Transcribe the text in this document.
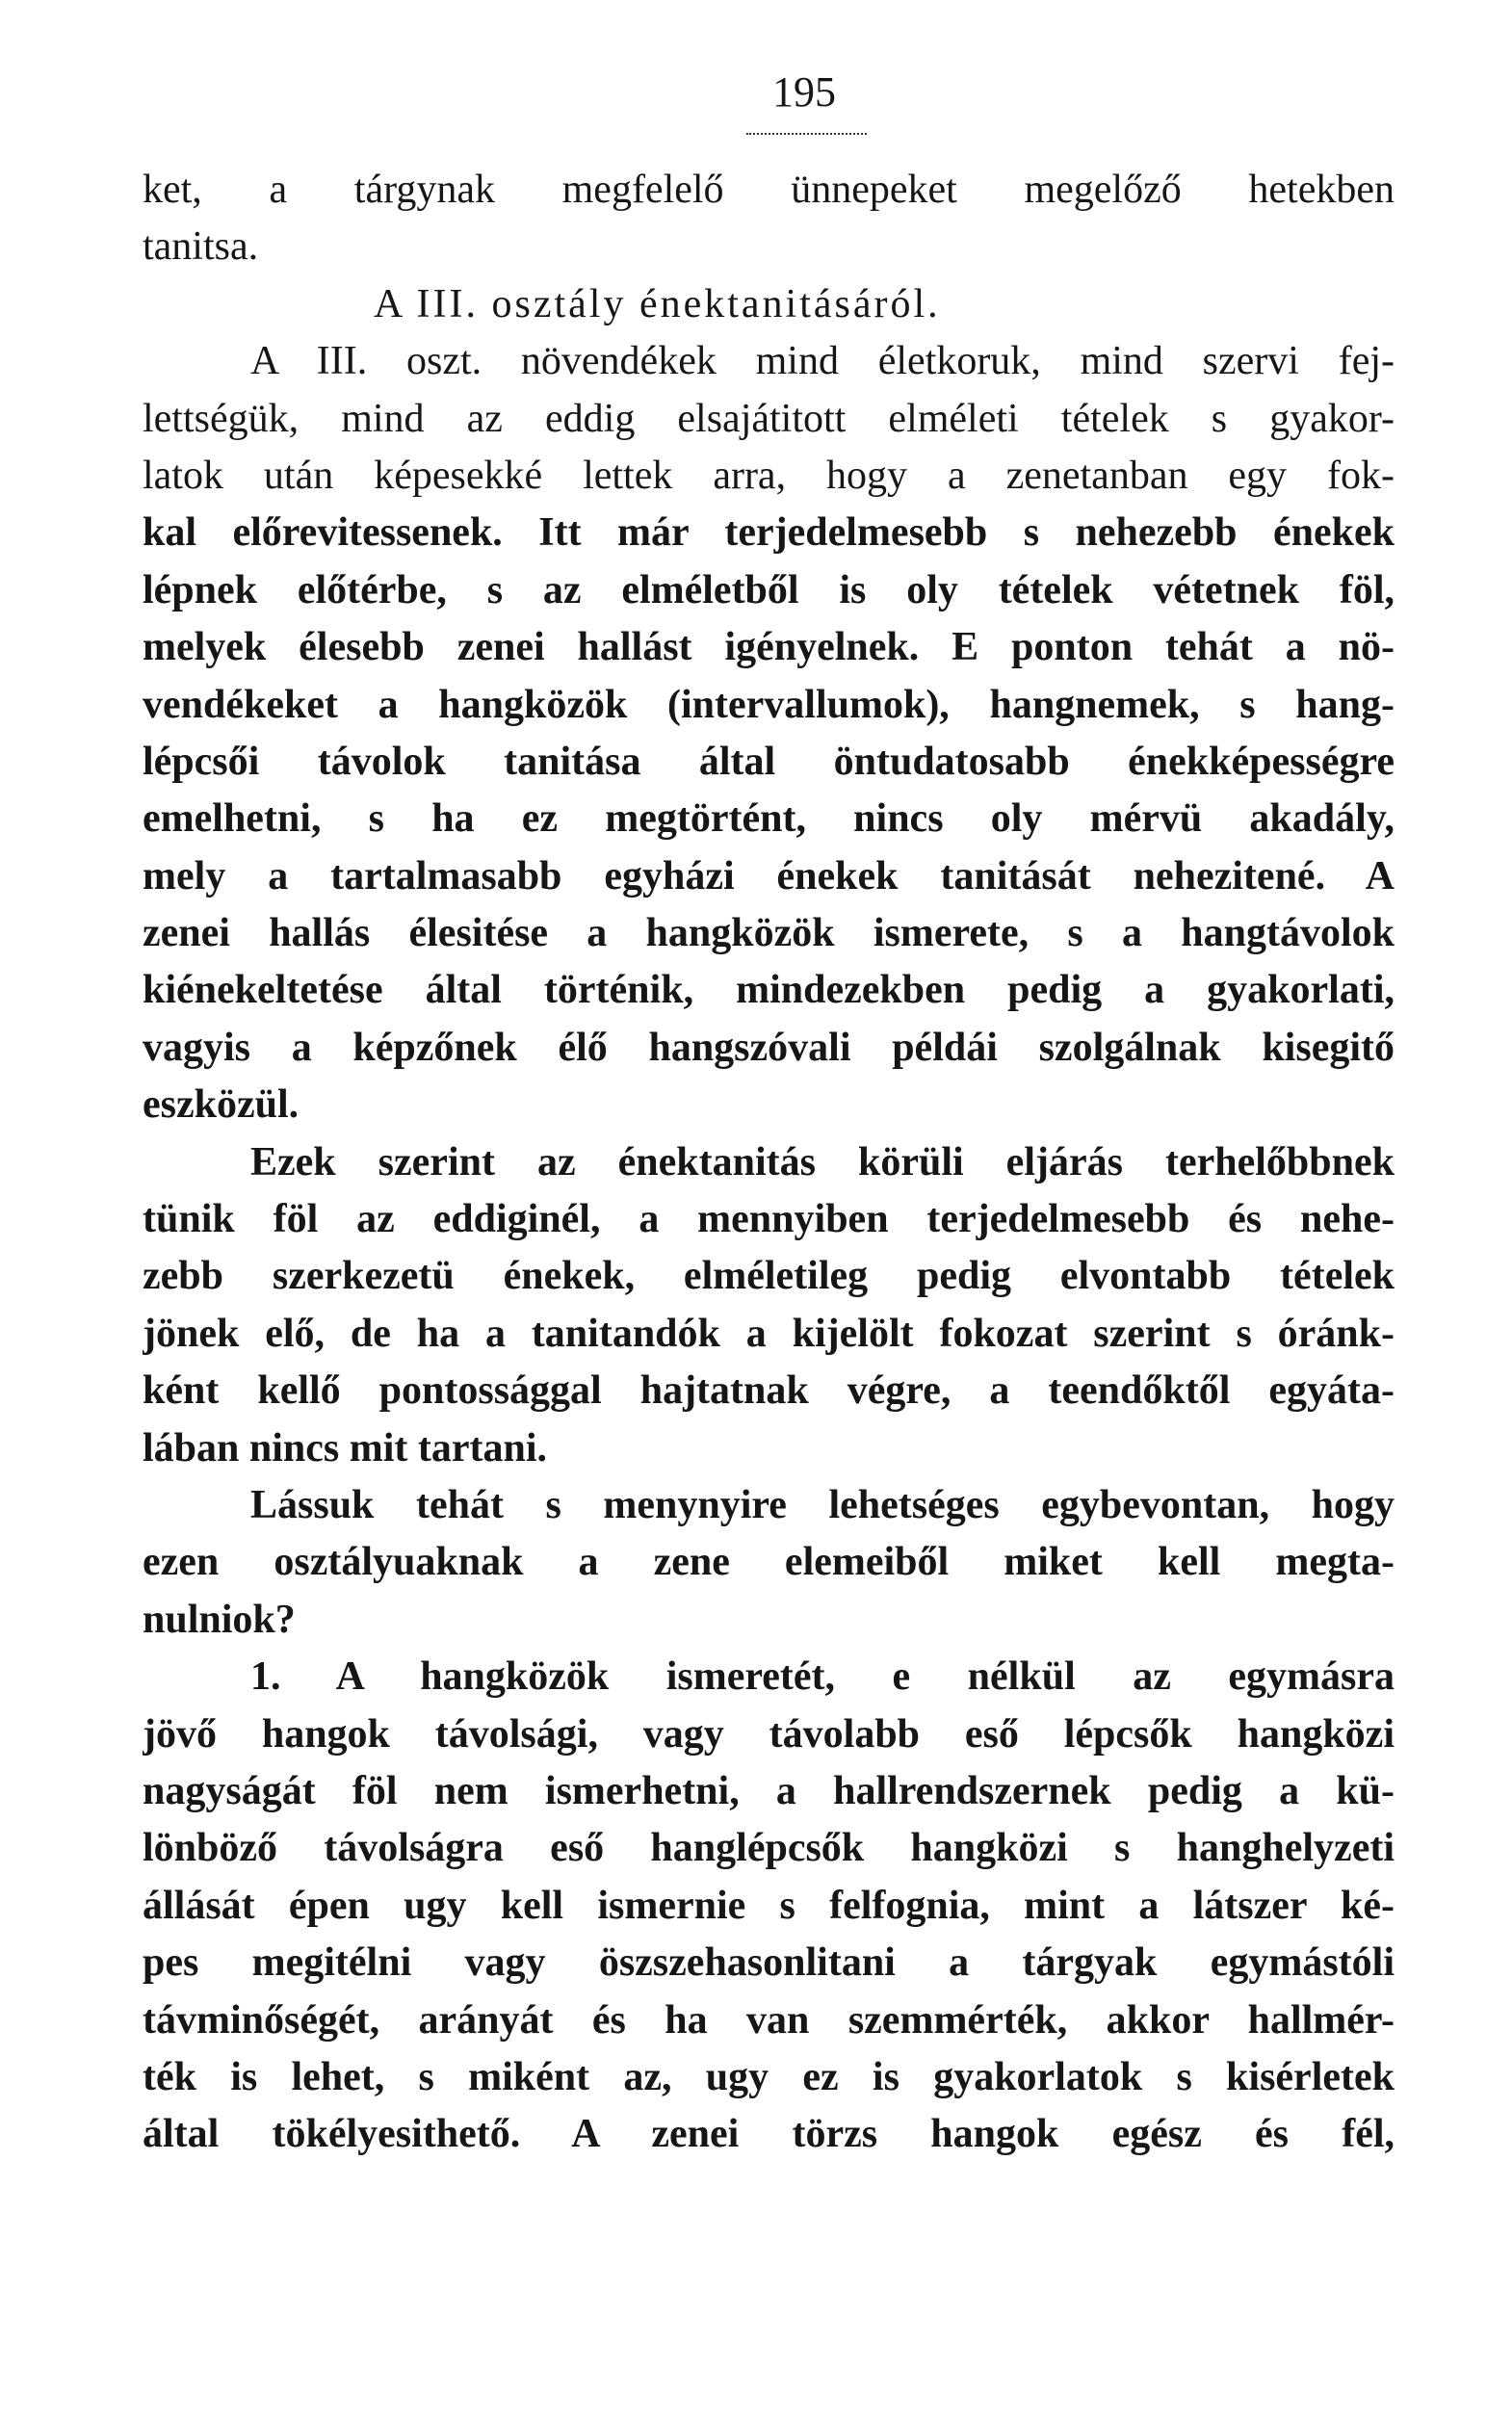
195
ket, a tárgynak megfelelő ünnepeket megelőző hetekben
tanitsa.
A III. osztály énektanitásáról.
A III. oszt. növendékek mind életkoruk, mind szervi fej-
lettségük, mind az eddig elsajátitott elméleti tételek s gyakor-
latok után képesekké lettek arra, hogy a zenetanban egy fok-
kal előrevitessenek. Itt már terjedelmesebb s nehezebb énekek
lépnek előtérbe, s az elméletből is oly tételek vétetnek föl,
melyek élesebb zenei hallást igényelnek. E ponton tehát a nö-
vendékeket a hangközök (intervallumok), hangnemek, s hang-
lépcsői távolok tanitása által öntudatosabb énekképességre
emelhetni, s ha ez megtörtént, nincs oly mérvü akadály,
mely a tartalmasabb egyházi énekek tanitását nehezitené. A
zenei hallás élesitése a hangközök ismerete, s a hangtávolok
kiénekeltetése által történik, mindezekben pedig a gyakorlati,
vagyis a képzőnek élő hangszóvali példái szolgálnak kisegitő
eszközül.
Ezek szerint az énektanitás körüli eljárás terhelőbbnek
tünik föl az eddiginél, a mennyiben terjedelmesebb és nehe-
zebb szerkezetü énekek, elméletileg pedig elvontabb tételek
jönek elő, de ha a tanitandók a kijelölt fokozat szerint s óránk-
ként kellő pontossággal hajtatnak végre, a teendőktől egyáta-
lában nincs mit tartani.
Lássuk tehát s menynyire lehetséges egybevontan, hogy
ezen osztályuaknak a zene elemeiből miket kell megta-
nulniok?
1. A hangközök ismeretét, e nélkül az egymásra
jövő hangok távolsági, vagy távolabb eső lépcsők hangközi
nagyságát föl nem ismerhetni, a hallrendszernek pedig a kü-
lönböző távolságra eső hanglépcsők hangközi s hanghelyzeti
állását épen ugy kell ismernie s felfognia, mint a látszer ké-
pes megitélni vagy öszszehasonlitani a tárgyak egymástóli
távminőségét, arányát és ha van szemmérték, akkor hallmér-
ték is lehet, s miként az, ugy ez is gyakorlatok s kisérletek
által tökélyesithető. A zenei törzs hangok egész és fél,
